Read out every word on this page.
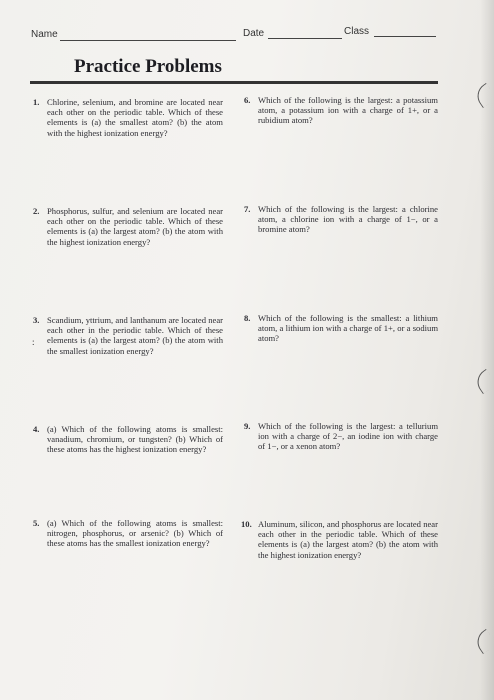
Name	Date	Class
Practice Problems

1. Chlorine, selenium, and bromine are located near each other on the periodic table. Which of these elements is (a) the smallest atom? (b) the atom with the highest ionization energy?

2. Phosphorus, sulfur, and selenium are located near each other on the periodic table. Which of these elements is (a) the largest atom? (b) the atom with the highest ionization energy?

:

3. Scandium, yttrium, and lanthanum are located near each other in the periodic table. Which of these elements is (a) the largest atom? (b) the atom with the smallest ionization energy?

4. (a) Which of the following atoms is smallest: vanadium, chromium, or tungsten? (b) Which of these atoms has the highest ionization energy?

5. (a) Which of the following atoms is smallest: nitrogen, phosphorus, or arsenic? (b) Which of these atoms has the smallest ionization energy?

6. Which of the following is the largest: a potassium atom, a potassium ion with a charge of 1+, or a rubidium atom?

7. Which of the following is the largest: a chlorine atom, a chlorine ion with a charge of 1−, or a bromine atom?

8. Which of the following is the smallest: a lithium atom, a lithium ion with a charge of 1+, or a sodium atom?

9. Which of the following is the largest: a tellurium ion with a charge of 2−, an iodine ion with charge of 1−, or a xenon atom?

10. Aluminum, silicon, and phosphorus are located near each other in the periodic table. Which of these elements is (a) the largest atom? (b) the atom with the highest ionization energy?
